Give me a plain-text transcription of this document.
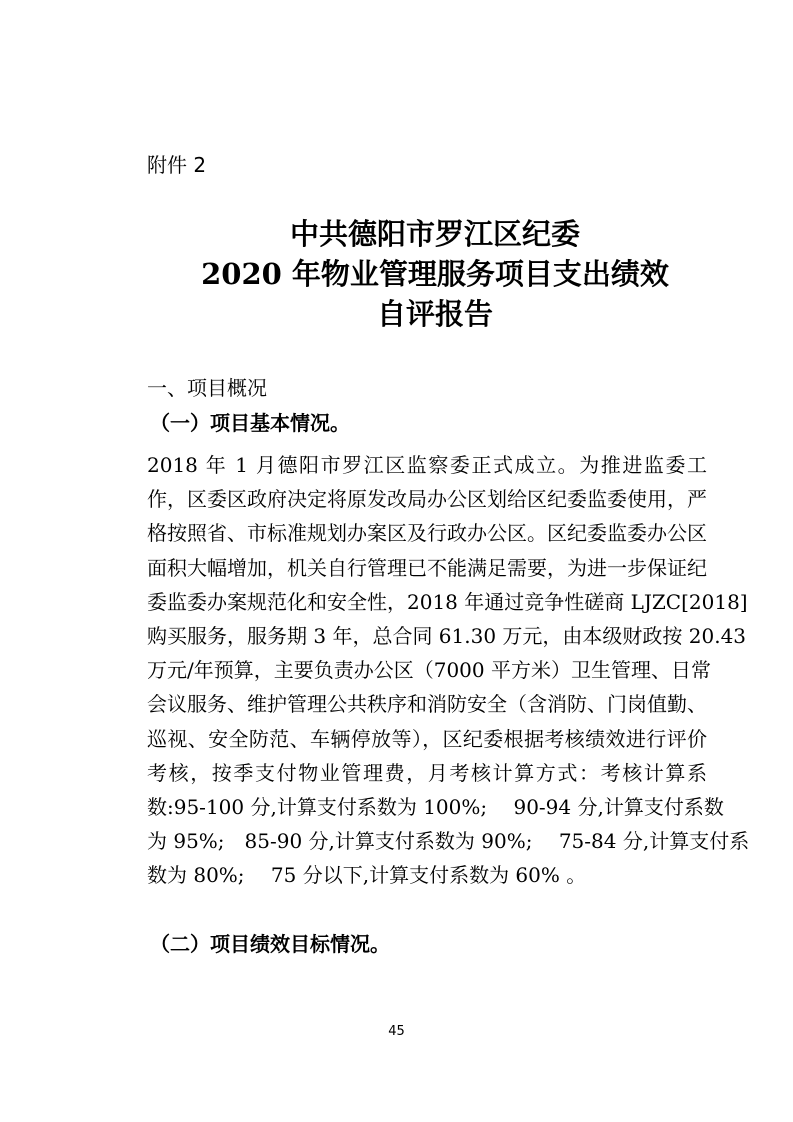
附件 2
中共德阳市罗江区纪委
2020 年物业管理服务项目支出绩效
自评报告
一、项目概况
（一）项目基本情况。
2018 年 1 月德阳市罗江区监察委正式成立。为推进监委工
作，区委区政府决定将原发改局办公区划给区纪委监委使用，严
格按照省、市标准规划办案区及行政办公区。区纪委监委办公区
面积大幅增加，机关自行管理已不能满足需要，为进一步保证纪
委监委办案规范化和安全性，2018 年通过竞争性磋商 LJZC[2018]
购买服务，服务期 3 年，总合同 61.30 万元，由本级财政按 20.43
万元/年预算，主要负责办公区（7000 平方米）卫生管理、日常
会议服务、维护管理公共秩序和消防安全（含消防、门岗值勤、
巡视、安全防范、车辆停放等），区纪委根据考核绩效进行评价
考核，按季支付物业管理费，月考核计算方式：考核计算系
数:95-100 分,计算支付系数为 100%;　 90-94 分,计算支付系数
为 95%;　85-90 分,计算支付系数为 90%;　 75-84 分,计算支付系
数为 80%;　 75 分以下,计算支付系数为 60% 。
（二）项目绩效目标情况。
45
